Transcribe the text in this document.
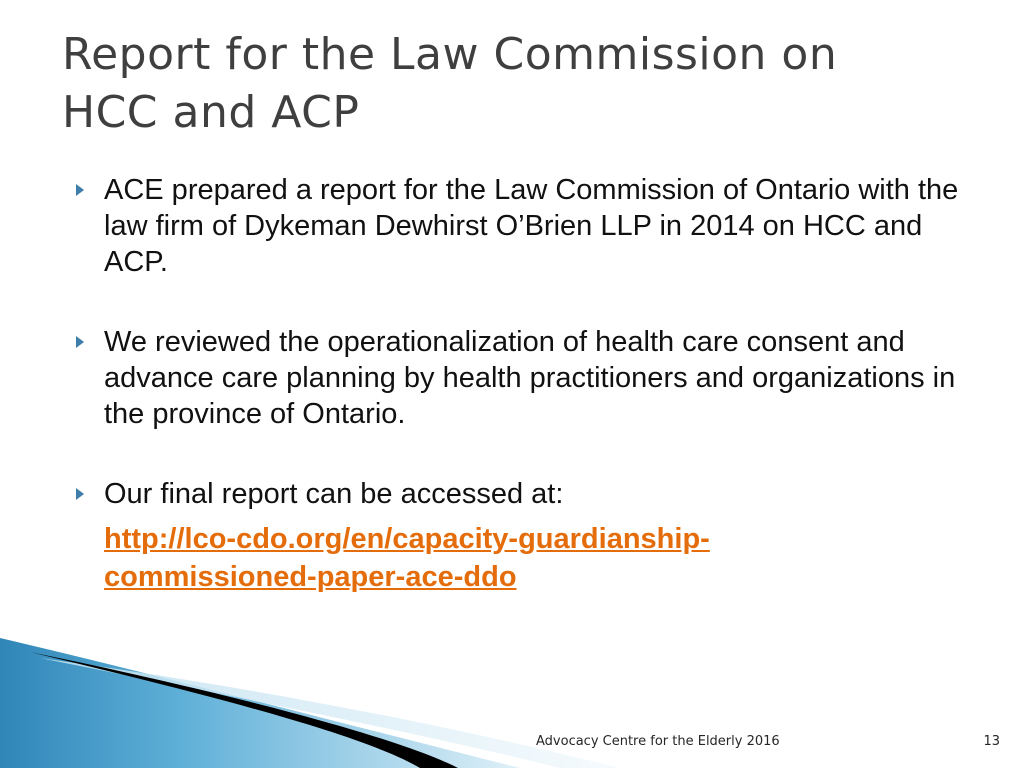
Report for the Law Commission on
HCC and ACP
ACE prepared a report for the Law Commission of Ontario with the law firm of Dykeman Dewhirst O’Brien LLP in 2014 on HCC and ACP.
We reviewed the operationalization of health care consent and advance care planning by health practitioners and organizations in the province of Ontario.
Our final report can be accessed at:
http://lco-cdo.org/en/capacity-guardianship-
commissioned-paper-ace-ddo
Advocacy Centre for the Elderly 2016	13
